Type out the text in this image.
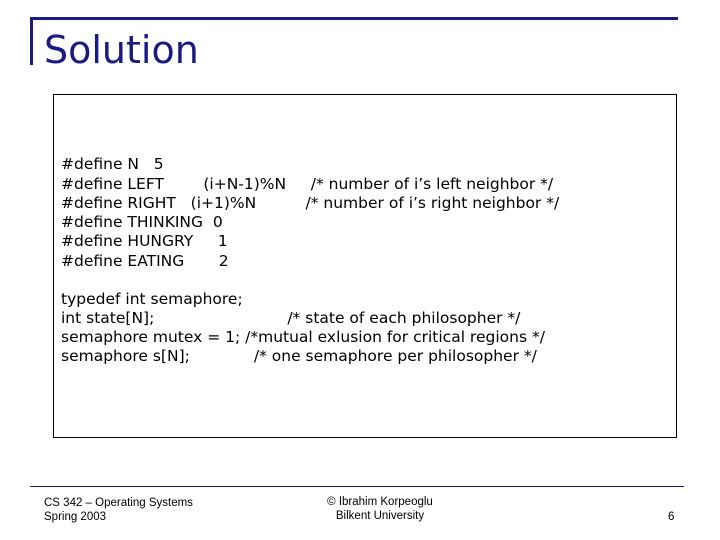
Solution
#define N   5
#define LEFT        (i+N-1)%N     /* number of i’s left neighbor */
#define RIGHT   (i+1)%N          /* number of i’s right neighbor */
#define THINKING  0
#define HUNGRY     1
#define EATING       2
typedef int semaphore;
int state[N];                           /* state of each philosopher */
semaphore mutex = 1; /*mutual exlusion for critical regions */
semaphore s[N];             /* one semaphore per philosopher */
CS 342 – Operating Systems
Spring 2003
© Ibrahim Korpeoglu
Bilkent University	6
